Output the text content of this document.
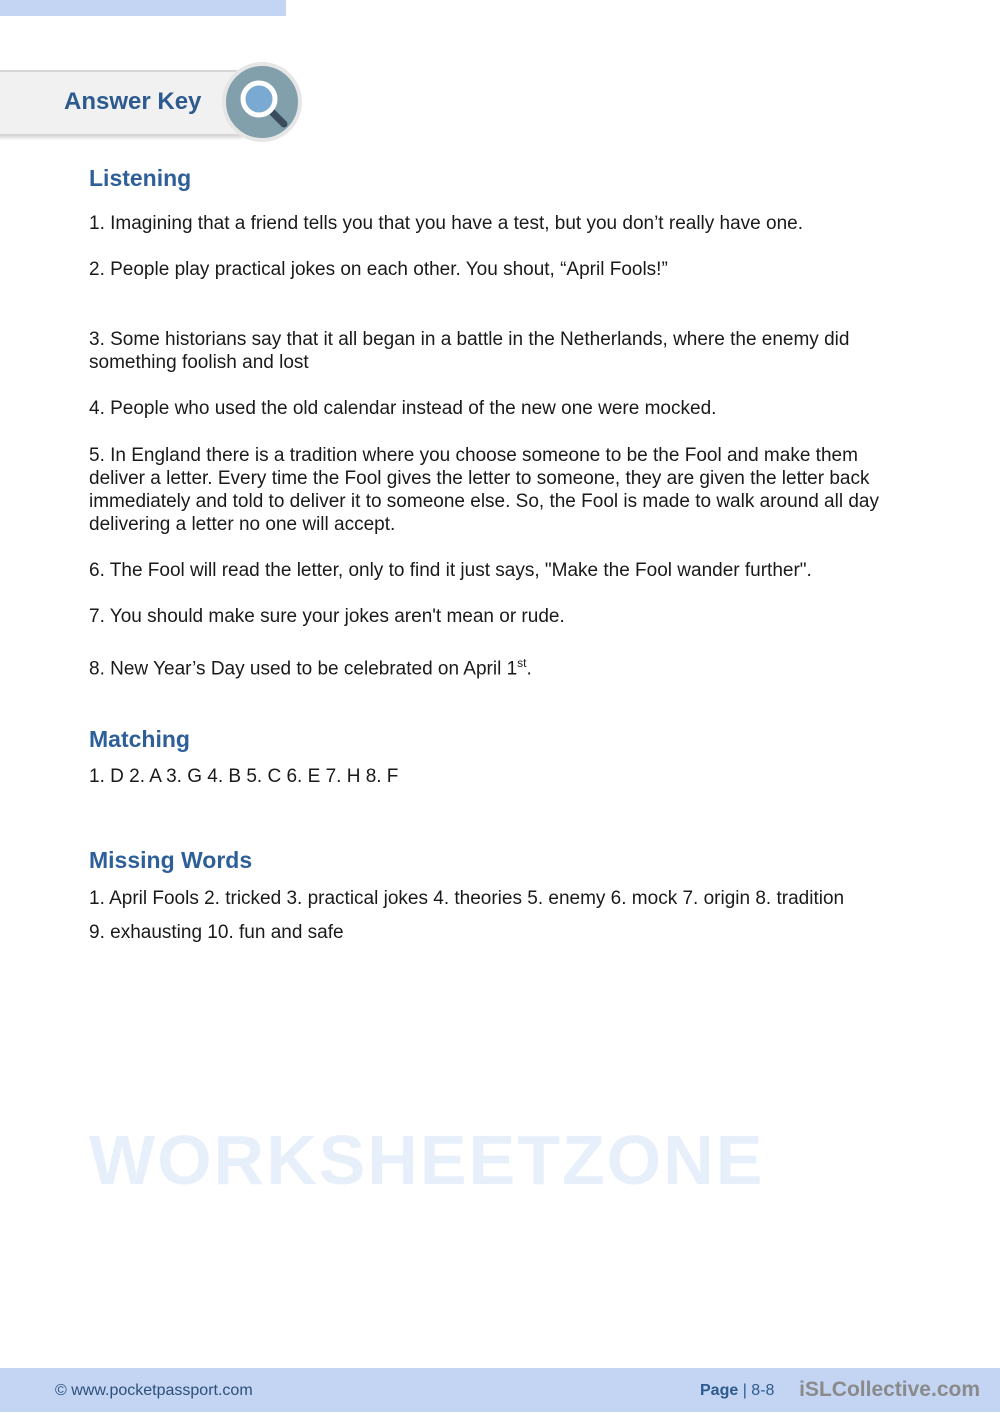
WORKSHEETZONE
Answer Key
Listening
1. Imagining that a friend tells you that you have a test, but you don’t really have one.
2. People play practical jokes on each other. You shout, “April Fools!”
3. Some historians say that it all began in a battle in the Netherlands, where the enemy did something foolish and lost
4. People who used the old calendar instead of the new one were mocked.
5. In England there is a tradition where you choose someone to be the Fool and make them deliver a letter. Every time the Fool gives the letter to someone, they are given the letter back immediately and told to deliver it to someone else. So, the Fool is made to walk around all day delivering a letter no one will accept.
6. The Fool will read the letter, only to find it just says, "Make the Fool wander further".
7. You should make sure your jokes aren't mean or rude.
8. New Year’s Day used to be celebrated on April 1st.
Matching
1. D 2. A 3. G 4. B 5. C 6. E 7. H 8. F
Missing Words
1. April Fools 2. tricked 3. practical jokes 4. theories 5. enemy 6. mock 7. origin 8. tradition
9. exhausting 10. fun and safe
© www.pocketpassport.com	Page | 8-8 iSLCollective.com
